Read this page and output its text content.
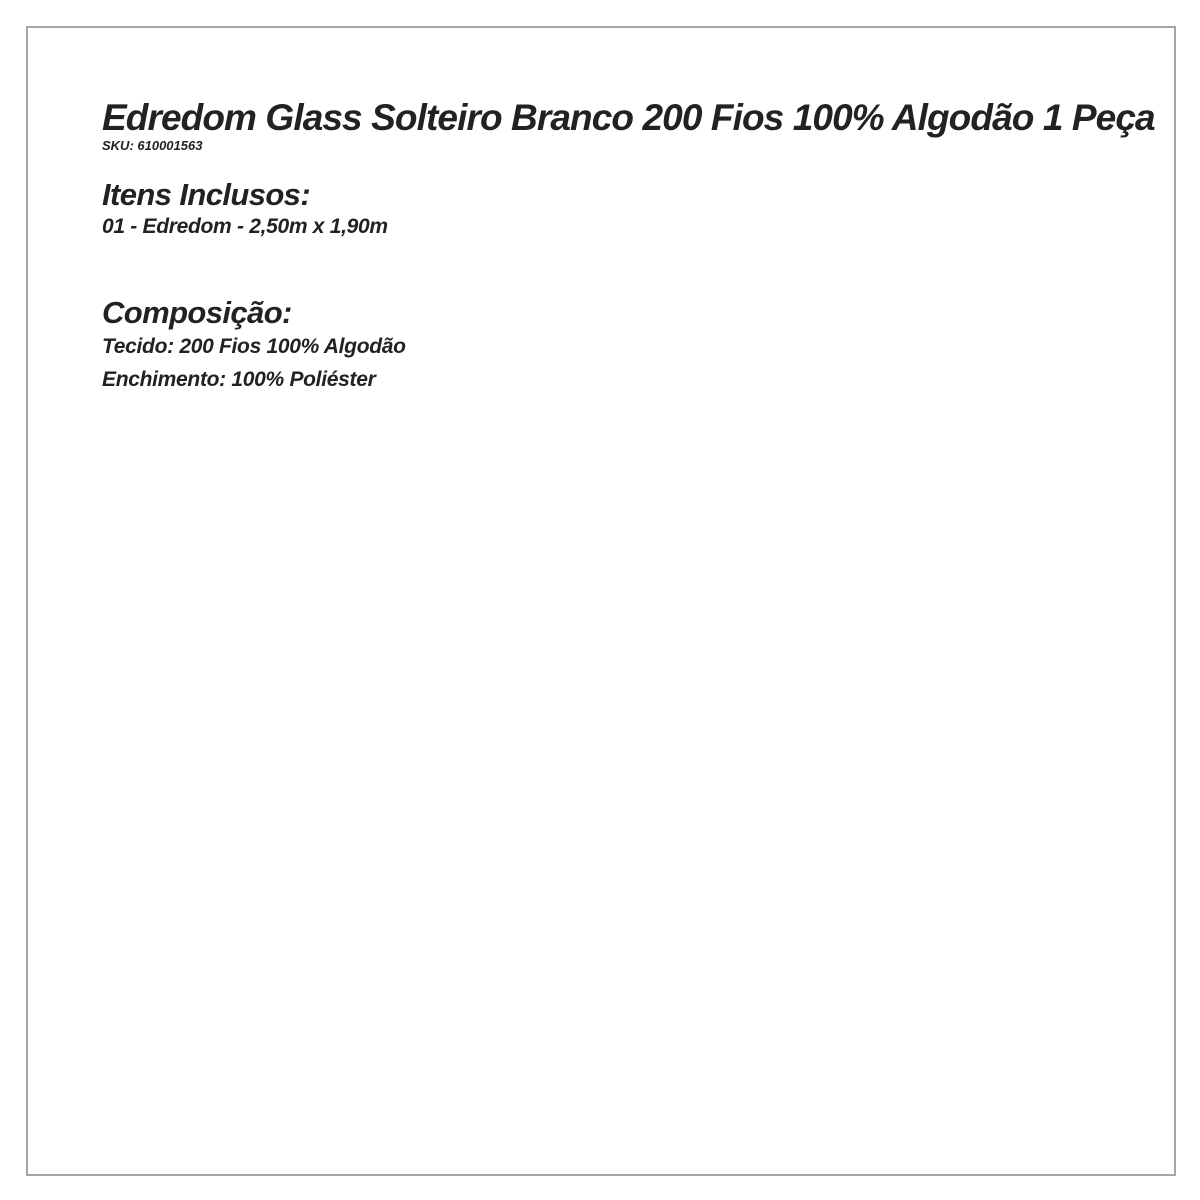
Edredom Glass Solteiro Branco 200 Fios 100% Algodão 1 Peça
SKU: 610001563
Itens Inclusos:
01 - Edredom - 2,50m x 1,90m
Composição:
Tecido: 200 Fios 100% Algodão
Enchimento: 100% Poliéster
